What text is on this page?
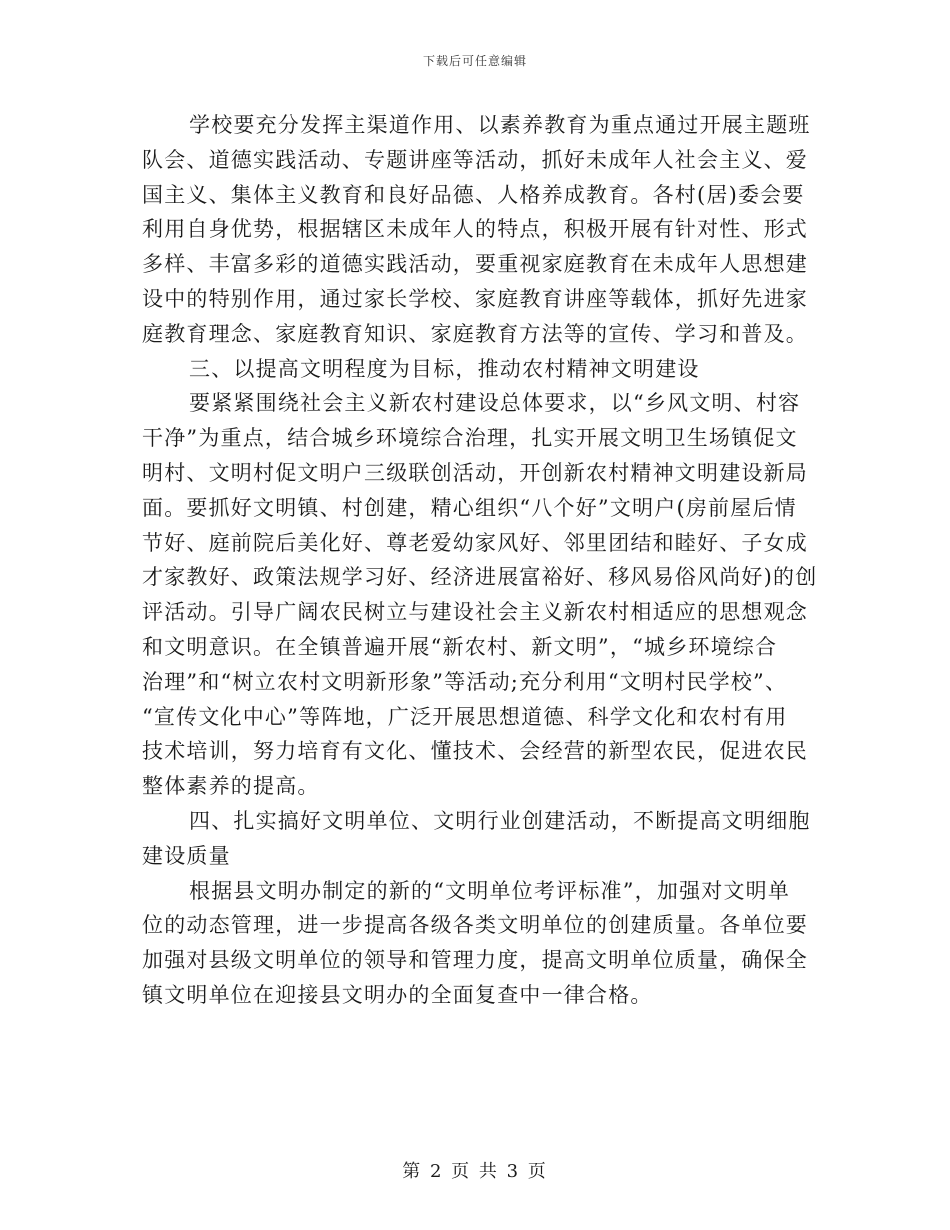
下载后可任意编辑
学校要充分发挥主渠道作用、以素养教育为重点通过开展主题班
队会、道德实践活动、专题讲座等活动，抓好未成年人社会主义、爱
国主义、集体主义教育和良好品德、人格养成教育。各村(居)委会要
利用自身优势，根据辖区未成年人的特点，积极开展有针对性、形式
多样、丰富多彩的道德实践活动，要重视家庭教育在未成年人思想建
设中的特别作用，通过家长学校、家庭教育讲座等载体，抓好先进家
庭教育理念、家庭教育知识、家庭教育方法等的宣传、学习和普及。
三、以提高文明程度为目标，推动农村精神文明建设
要紧紧围绕社会主义新农村建设总体要求，以“乡风文明、村容
干净”为重点，结合城乡环境综合治理，扎实开展文明卫生场镇促文
明村、文明村促文明户三级联创活动，开创新农村精神文明建设新局
面。要抓好文明镇、村创建，精心组织“八个好”文明户(房前屋后情
节好、庭前院后美化好、尊老爱幼家风好、邻里团结和睦好、子女成
才家教好、政策法规学习好、经济进展富裕好、移风易俗风尚好)的创
评活动。引导广阔农民树立与建设社会主义新农村相适应的思想观念
和文明意识。在全镇普遍开展“新农村、新文明”，“城乡环境综合
治理”和“树立农村文明新形象”等活动;充分利用“文明村民学校”、
“宣传文化中心”等阵地，广泛开展思想道德、科学文化和农村有用
技术培训，努力培育有文化、懂技术、会经营的新型农民，促进农民
整体素养的提高。
四、扎实搞好文明单位、文明行业创建活动，不断提高文明细胞
建设质量
根据县文明办制定的新的“文明单位考评标准”，加强对文明单
位的动态管理，进一步提高各级各类文明单位的创建质量。各单位要
加强对县级文明单位的领导和管理力度，提高文明单位质量，确保全
镇文明单位在迎接县文明办的全面复查中一律合格。
第 2 页 共 3 页
